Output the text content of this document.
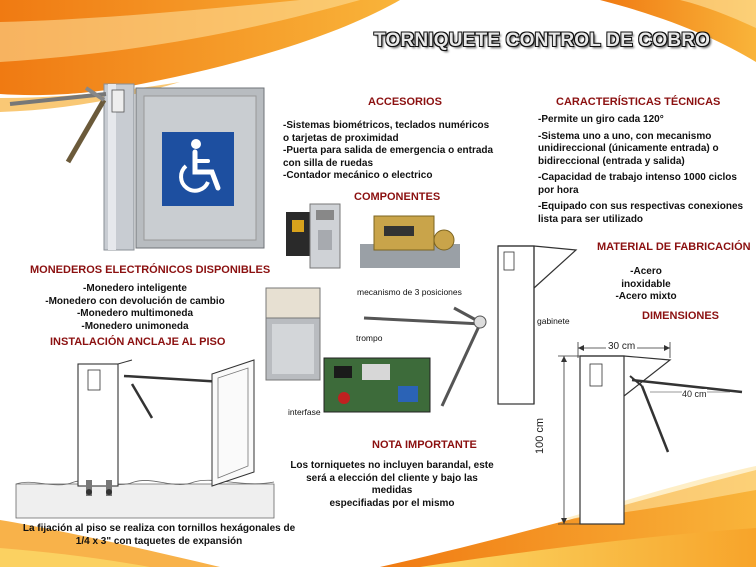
TORNIQUETE CONTROL DE COBRO
ACCESORIOS
-Sistemas biométricos, teclados numéricos
o tarjetas de proximidad
-Puerta para salida de emergencia o entrada
con silla de ruedas
-Contador mecánico o electrico
CARACTERÍSTICAS TÉCNICAS
-Permite un giro cada 120°
-Sistema uno a uno, con mecanismo
unidireccional (únicamente entrada) o
bidireccional (entrada y salida)
-Capacidad de trabajo intenso 1000 ciclos
por hora
-Equipado con sus respectivas conexiones
lista para ser utilizado
COMPONENTES
mecanismo de 3 posiciones
trompo
interfase
gabinete
MATERIAL DE FABRICACIÓN
-Acero inoxidable
-Acero mixto
DIMENSIONES
30 cm
40 cm
100 cm
MONEDEROS ELECTRÓNICOS DISPONIBLES
-Monedero inteligente
-Monedero con devolución de cambio
-Monedero multimoneda
-Monedero unimoneda
INSTALACIÓN ANCLAJE AL PISO
La fijación al piso se realiza con tornillos hexágonales de
1/4 x 3" con taquetes de expansión
NOTA IMPORTANTE
Los torniquetes no incluyen barandal, este
será a elección del cliente y bajo las medidas
especifiadas por el mismo
